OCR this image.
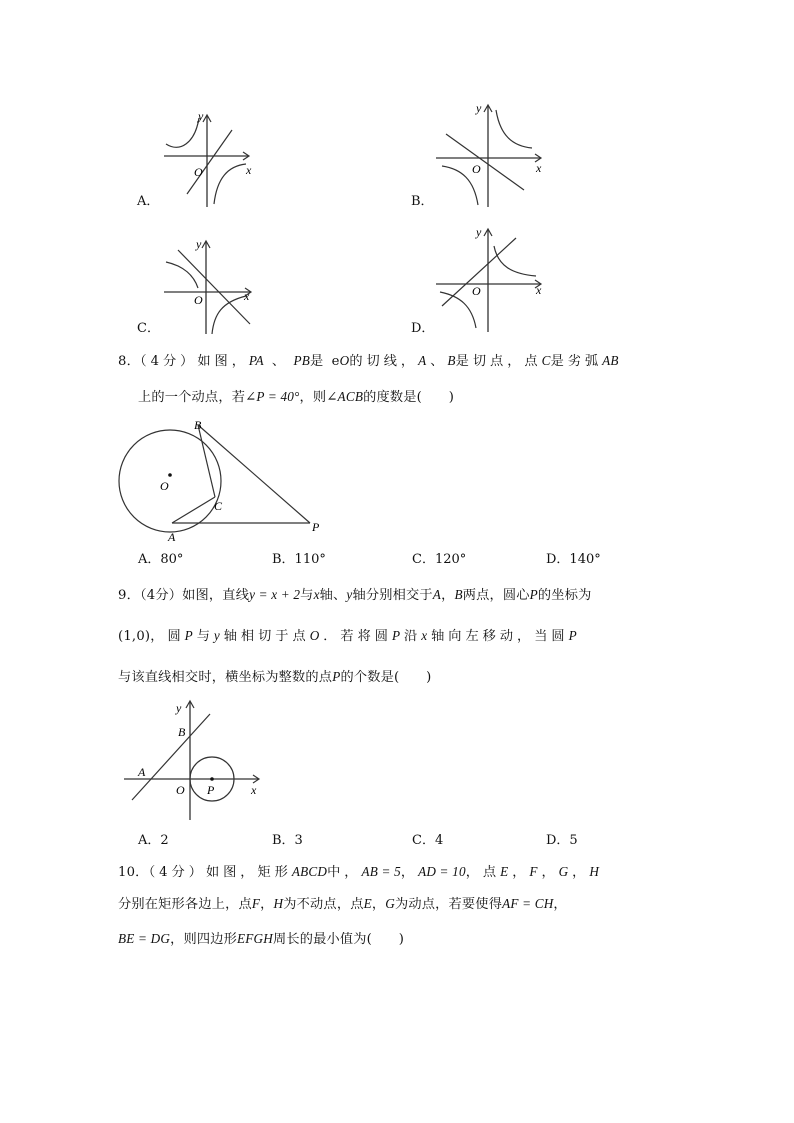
y
x
O
A．
y
x
O
B．
y
x
O
C．
y
x
O
D．
8．（4分）如图，PA 、 PB是 eO的切线，A、B是切点，点C是劣弧AB
上的一个动点，若∠P = 40°，则∠ACB的度数是(　　)
B
O
C
A
P
A．80°	B．110°	C．120°	D．140°
9．（4分）如图，直线y = x + 2与x轴、y轴分别相交于A，B两点，圆心P的坐标为
(1,0)，圆P与y轴相切于点O．若将圆P沿x轴向左移动，当圆P
与该直线相交时，横坐标为整数的点P的个数是(　　)
y
B
A
O P	x
A．2	B．3	C．4	D．5
10．（4分）如图，矩形ABCD中，AB = 5，AD = 10，点E，F，G，H
分别在矩形各边上，点F，H为不动点，点E，G为动点，若要使得AF = CH，
BE = DG，则四边形EFGH周长的最小值为(　　)
